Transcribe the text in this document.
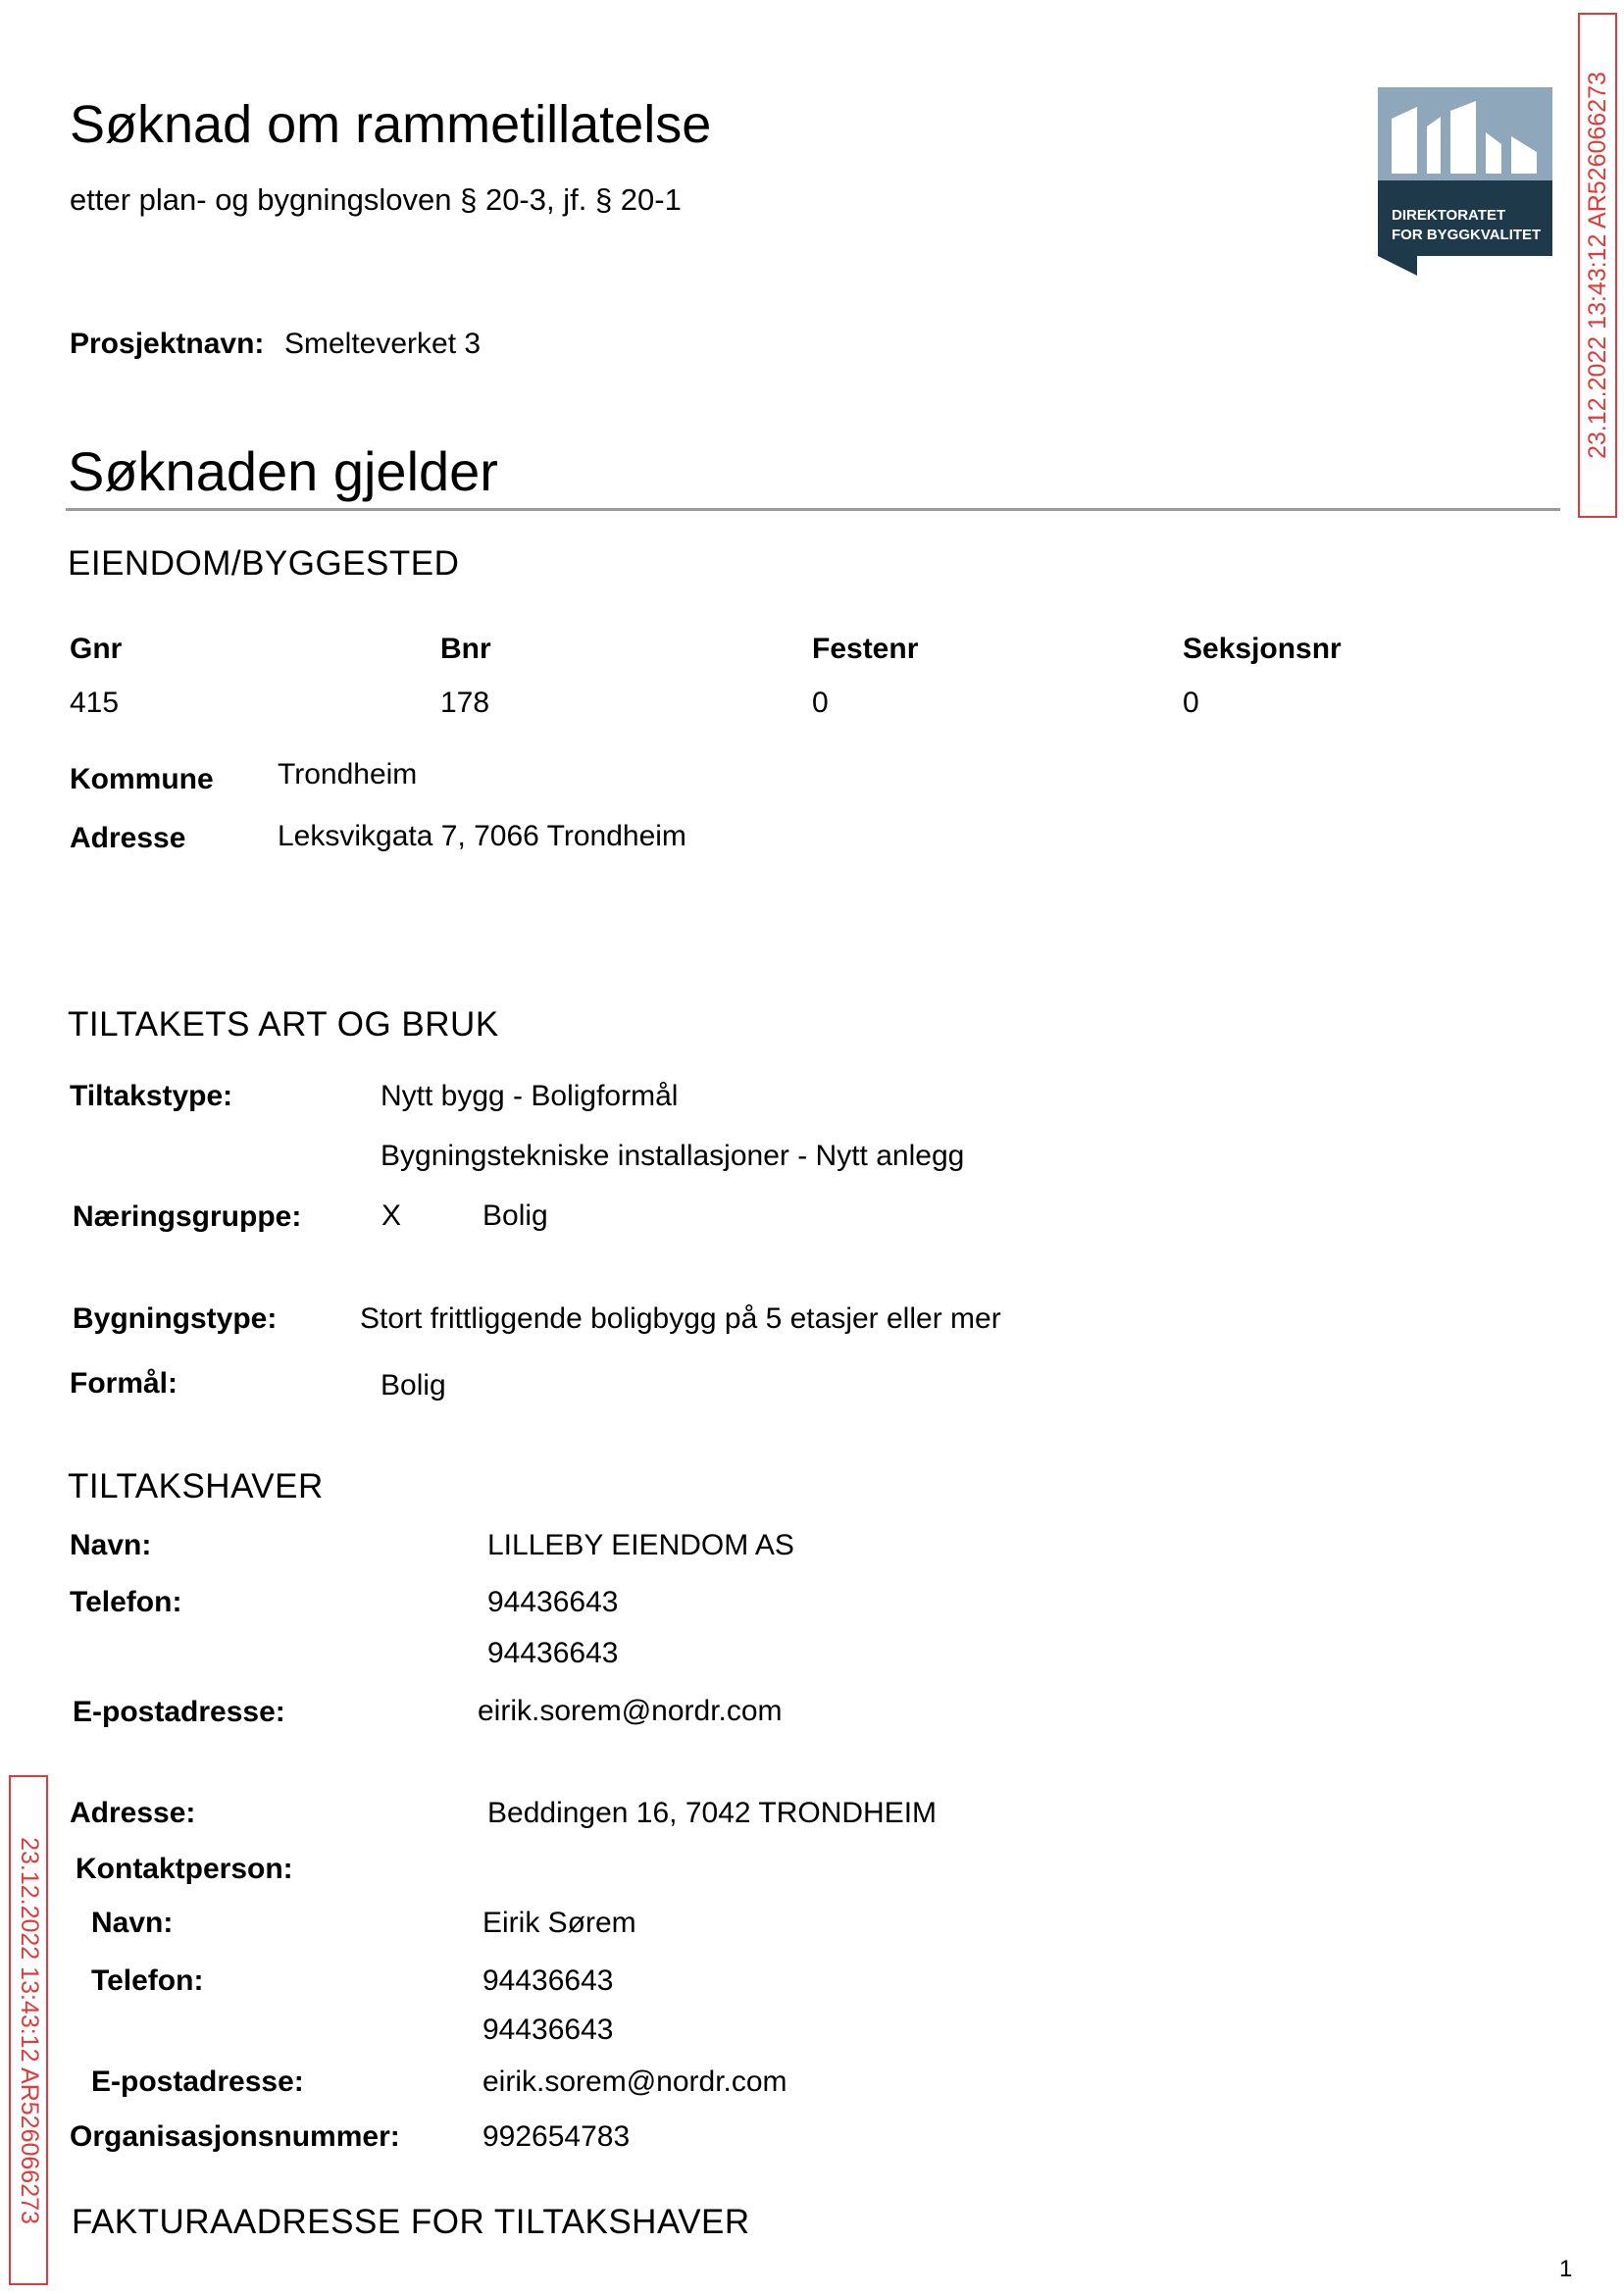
Søknad om rammetillatelse
etter plan- og bygningsloven § 20-3, jf. § 20-1	DIREKTORATET
FOR BYGGKVALITET 23.12.2022 13:43:12 AR526066273
23.12.2022 13:43:12 AR526066273
Prosjektnavn: Smelteverket 3
Søknaden gjelder
EIENDOM/BYGGESTED
Gnr	Bnr	Festenr	Seksjonsnr
415	178	0	0
Kommune Trondheim
Adresse	Leksvikgata 7, 7066 Trondheim
TILTAKETS ART OG BRUK
Tiltakstype:	Nytt bygg - Boligformål
Bygningstekniske installasjoner - Nytt anlegg
Næringsgruppe:	X	Bolig
Bygningstype:	Stort frittliggende boligbygg på 5 etasjer eller mer
Formål:	Bolig
TILTAKSHAVER
Navn:	LILLEBY EIENDOM AS
Telefon:	94436643
94436643
E-postadresse:	eirik.sorem@nordr.com
Adresse:	Beddingen 16, 7042 TRONDHEIM
Kontaktperson:
Navn:	Eirik Sørem
Telefon:	94436643
94436643
E-postadresse:	eirik.sorem@nordr.com
Organisasjonsnummer:	992654783
FAKTURAADRESSE FOR TILTAKSHAVER
1
